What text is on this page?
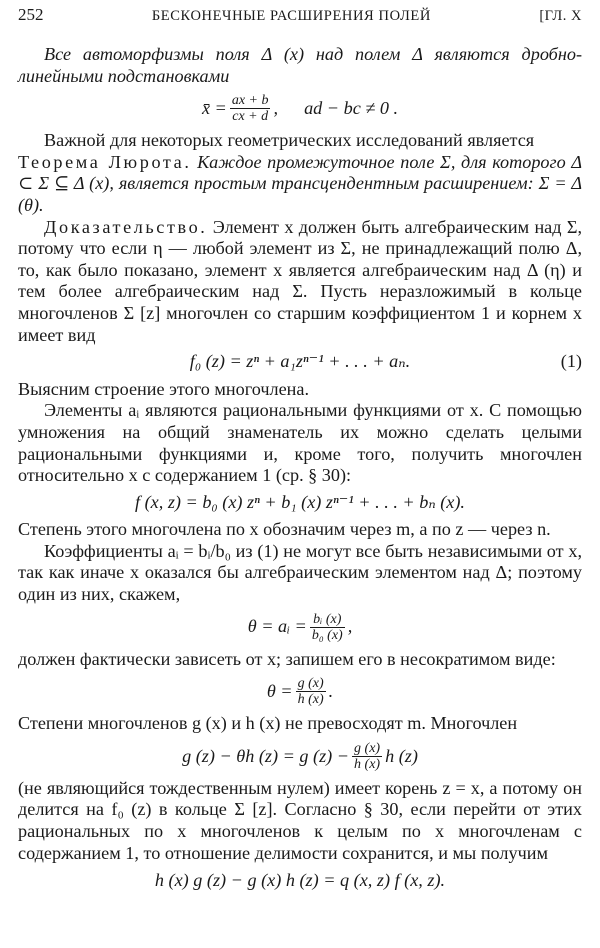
252	БЕСКОНЕЧНЫЕ РАСШИРЕНИЯ ПОЛЕЙ	[ГЛ. X

Все автоморфизмы поля Δ (x) над полем Δ являются дробно-линейными подстановками

x̄ = $\frac{ax + b}{cx + d}$ , ad − bc ≠ 0 .

Важной для некоторых геометрических исследований является

Теорема Люрота. Каждое промежуточное поле Σ, для которого Δ ⊂ Σ ⊆ Δ (x), является простым трансцендентным расширением: Σ = Δ (θ).

Доказательство. Элемент x должен быть алгебраическим над Σ, потому что если η — любой элемент из Σ, не принадлежащий полю Δ, то, как было показано, элемент x является алгебраическим над Δ (η) и тем более алгебраическим над Σ. Пусть неразложимый в кольце многочленов Σ [z] многочлен со старшим коэффициентом 1 и корнем x имеет вид

f₀ (z) = zⁿ + a₁zⁿ⁻¹ + . . . + aₙ.	(1)

Выясним строение этого многочлена.

Элементы aᵢ являются рациональными функциями от x. С помощью умножения на общий знаменатель их можно сделать целыми рациональными функциями и, кроме того, получить многочлен относительно x с содержанием 1 (ср. § 30):

f (x, z) = b₀ (x) zⁿ + b₁ (x) zⁿ⁻¹ + . . . + bₙ (x).

Степень этого многочлена по x обозначим через m, а по z — через n.

Коэффициенты aᵢ = bᵢ/b₀ из (1) не могут все быть независимыми от x, так как иначе x оказался бы алгебраическим элементом над Δ; поэтому один из них, скажем,

θ = aᵢ = $\frac{\text{bᵢ (x)}}{\text{b₀ (x)}}$ ,

должен фактически зависеть от x; запишем его в несократимом виде:

$\theta = \frac{g (x)}{h (x)}$ .

Степени многочленов g (x) и h (x) не превосходят m. Многочлен

g (z) − θh (z) = g $(z) - \frac{g (x)}{h (x)}$ h (z)

(не являющийся тождественным нулем) имеет корень z = x, а потому он делится на f₀ (z) в кольце Σ [z]. Согласно § 30, если перейти от этих рациональных по x многочленов к целым по x многочленам с содержанием 1, то отношение делимости сохранится, и мы получим

h (x) g (z) − g (x) h (z) = q (x, z) f (x, z).
